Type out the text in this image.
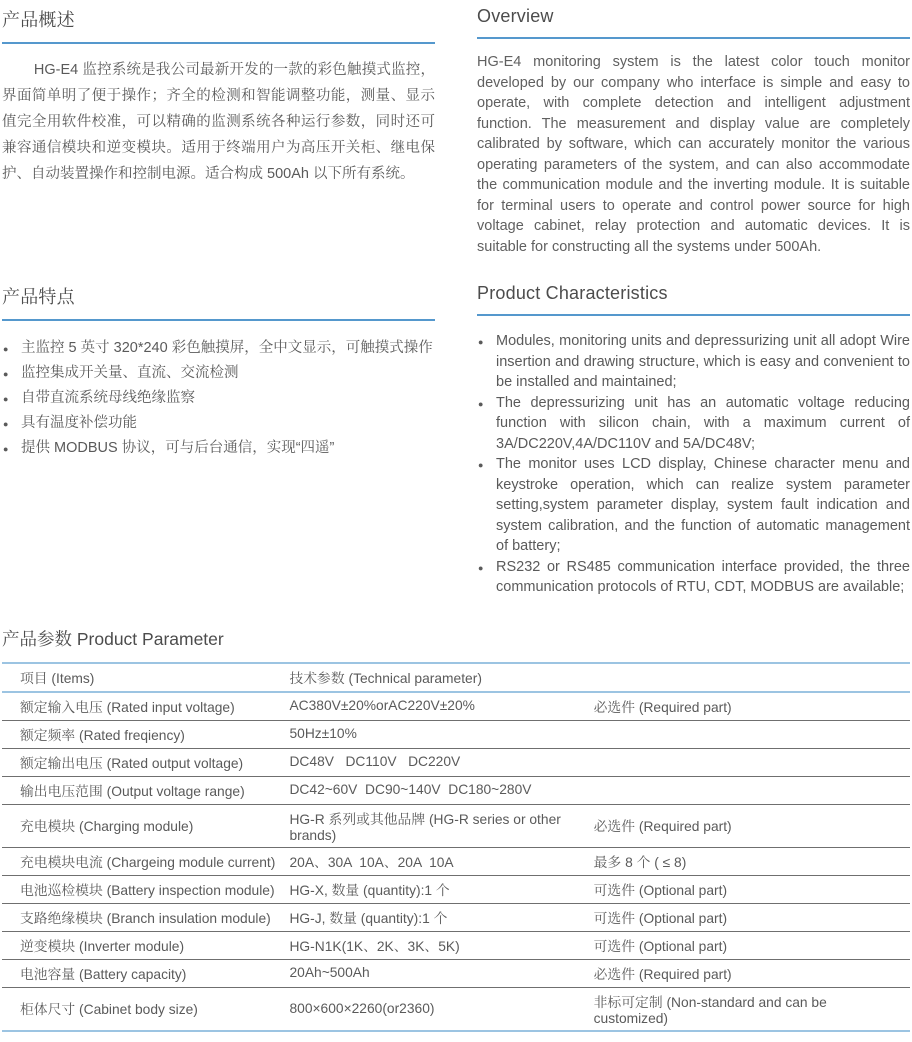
产品概述

HG-E4 监控系统是我公司最新开发的一款的彩色触摸式监控，界面简单明了便于操作；齐全的检测和智能调整功能，测量、显示值完全用软件校准，可以精确的监测系统各种运行参数，同时还可兼容通信模块和逆变模块。适用于终端用户为高压开关柜、继电保护、自动装置操作和控制电源。适合构成 500Ah 以下所有系统。

Overview

HG-E4 monitoring system is the latest color touch monitor developed by our company who interface is simple and easy to operate, with complete detection and intelligent adjustment function. The measurement and display value are completely calibrated by software, which can accurately monitor the various operating parameters of the system, and can also accommodate the communication module and the inverting module. It is suitable for terminal users to operate and control power source for high voltage cabinet, relay protection and automatic devices. It is suitable for constructing all the systems under 500Ah.

产品特点
● 主监控 5 英寸 320*240 彩色触摸屏，全中文显示，可触摸式操作
● 监控集成开关量、直流、交流检测
● 自带直流系统母线绝缘监察
● 具有温度补偿功能
● 提供 MODBUS 协议，可与后台通信，实现“四遥”
Product Characteristics
● Modules, monitoring units and depressurizing unit all adopt Wire insertion and drawing structure, which is easy and convenient to be installed and maintained;
● The depressurizing unit has an automatic voltage reducing function with silicon chain, with a maximum current of 3A/DC220V,4A/DC110V and 5A/DC48V;
● The monitor uses LCD display, Chinese character menu and keystroke operation, which can realize system parameter setting,system parameter display, system fault indication and system calibration, and the function of automatic management of battery;
● RS232 or RS485 communication interface provided, the three communication protocols of RTU, CDT, MODBUS are available;
产品参数 Product Parameter
项目 (Items)	技术参数 (Technical parameter)	
额定输入电压 (Rated input voltage)	AC380V±20%orAC220V±20%	必选件 (Required part)
额定频率 (Rated freqiency)	50Hz±10%	
额定输出电压 (Rated output voltage)	DC48V   DC110V   DC220V	
输出电压范围 (Output voltage range)	DC42~60V  DC90~140V  DC180~280V	
充电模块 (Charging module)	HG-R 系列或其他品牌 (HG-R series or other brands)	必选件 (Required part)
充电模块电流 (Chargeing module current)	20A、30A  10A、20A  10A	最多 8 个 ( ≤ 8)
电池巡检模块 (Battery inspection module)	HG-X, 数量 (quantity):1 个	可选件 (Optional part)
支路绝缘模块 (Branch insulation module)	HG-J, 数量 (quantity):1 个	可选件 (Optional part)
逆变模块 (Inverter module)	HG-N1K(1K、2K、3K、5K)	可选件 (Optional part)
电池容量 (Battery capacity)	20Ah~500Ah	必选件 (Required part)
柜体尺寸 (Cabinet body size)	800×600×2260(or2360)	非标可定制 (Non-standard and can be customized)
